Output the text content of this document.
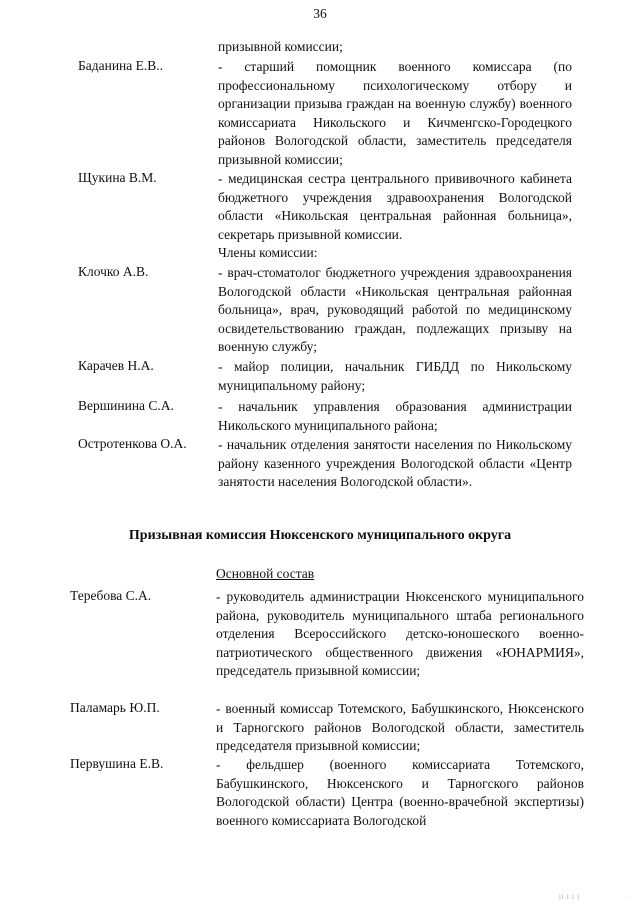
36
призывной комиссии;
Баданина Е.В..	- старший помощник военного комиссара (по профессиональному психологическому отбору и организации призыва граждан на военную службу) военного комиссариата Никольского и Кичменгско-Городецкого районов Вологодской области, заместитель председателя призывной комиссии;
Щукина В.М.	- медицинская сестра центрального прививочного кабинета бюджетного учреждения здравоохранения Вологодской области «Никольская центральная районная больница», секретарь призывной комиссии.
Члены комиссии:
Клочко А.В.	- врач-стоматолог бюджетного учреждения здравоохранения Вологодской области «Никольская центральная районная больница», врач, руководящий работой по медицинскому освидетельствованию граждан, подлежащих призыву на военную службу;
Карачев Н.А.	- майор полиции, начальник ГИБДД по Никольскому муниципальному району;
Вершинина С.А.	- начальник управления образования администрации Никольского муниципального района;
Остротенкова О.А. - начальник отделения занятости населения по Никольскому району казенного учреждения Вологодской области «Центр занятости населения Вологодской области».
Призывная комиссия Нюксенского муниципального округа
Основной состав
Теребова С.А.	- руководитель администрации Нюксенского муниципального района, руководитель муниципального штаба регионального отделения Всероссийского детско-юношеского военно-патриотического общественного движения «ЮНАРМИЯ», председатель призывной комиссии;
Паламарь Ю.П.	- военный комиссар Тотемского, Бабушкинского, Нюксенского и Тарногского районов Вологодской области, заместитель председателя призывной комиссии;
Первушина Е.В.	- фельдшер (военного комиссариата Тотемского, Бабушкинского, Нюксенского и Тарногского районов Вологодской области) Центра (военно-врачебной экспертизы) военного комиссариата Вологодской
ll l l l	·
